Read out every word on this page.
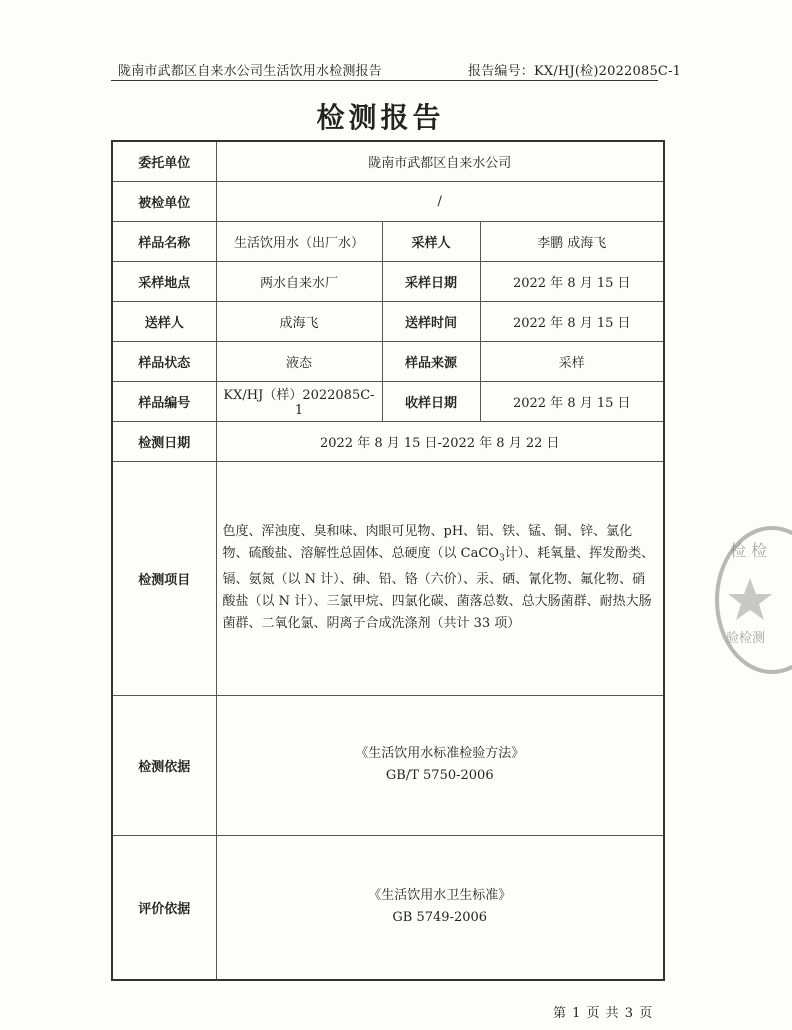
陇南市武都区自来水公司生活饮用水检测报告	报告编号：KX/HJ(检)2022085C-1
检测报告
委托单位	陇南市武都区自来水公司		
被检单位	/		
样品名称	生活饮用水（出厂水）	采样人	李鹏 成海飞
采样地点	两水自来水厂	采样日期	2022 年 8 月 15 日
送样人	成海飞	送样时间	2022 年 8 月 15 日
样品状态	液态	样品来源	采样
样品编号	KX/HJ（样）2022085C-1	收样日期	2022 年 8 月 15 日
检测日期	2022 年 8 月 15 日-2022 年 8 月 22 日		
检测项目	色度、浑浊度、臭和味、肉眼可见物、pH、铝、铁、锰、铜、锌、氯化物、硫酸盐、溶解性总固体、总硬度（以 CaCO$_3$计）、耗氧量、挥发酚类、镉、氨氮（以 N 计）、砷、铅、铬（六价）、汞、硒、氰化物、氟化物、硝酸盐（以 N 计）、三氯甲烷、四氯化碳、菌落总数、总大肠菌群、耐热大肠菌群、二氧化氯、阴离子合成洗涤剂（共计 33 项）		
检测依据	《生活饮用水标准检验方法》
GB/T 5750-2006		

评价依据	《生活饮用水卫生标准》
GB 5749-2006		
第 1 页 共 3 页
检 检
验检测
